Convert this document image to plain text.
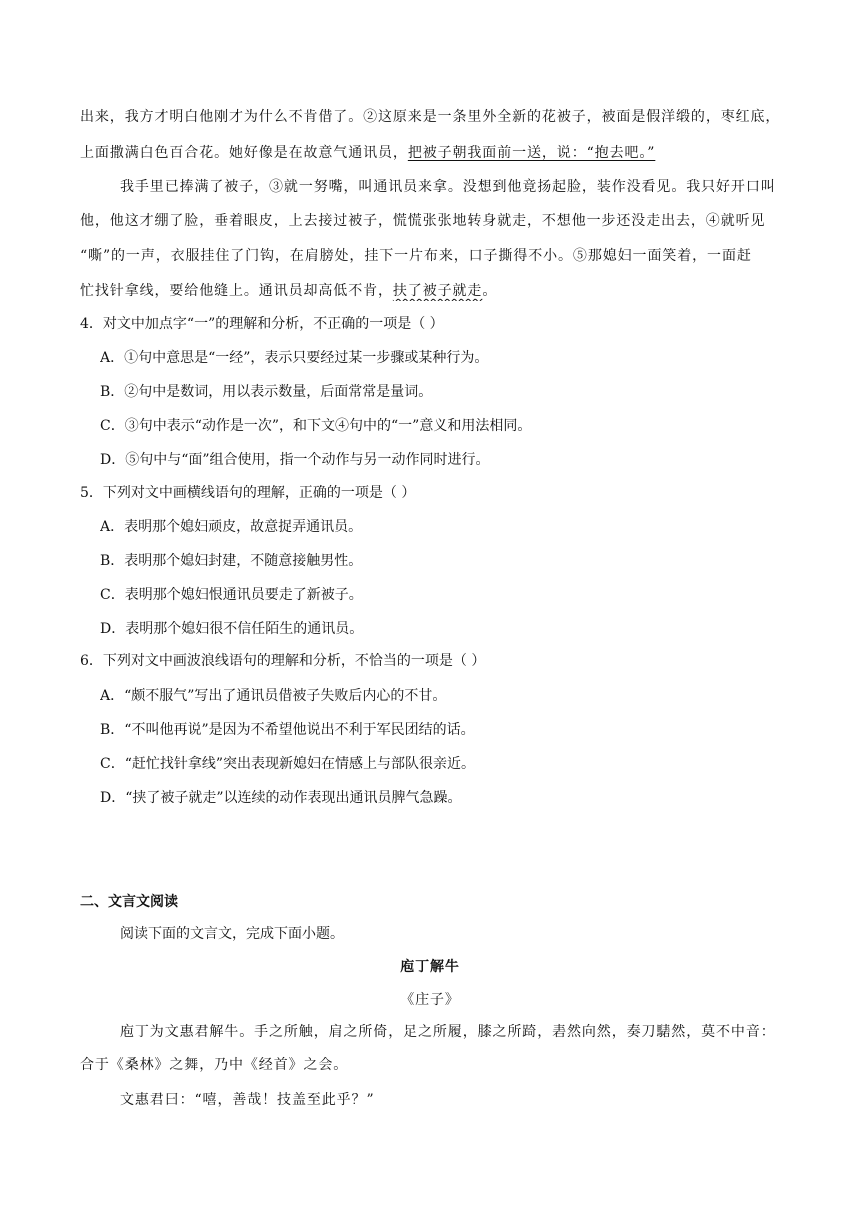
出来，我方才明白他刚才为什么不肯借了。②这原来是一条里外全新的花被子，被面是假洋缎的，枣红底，
上面撒满白色百合花。她好像是在故意气通讯员，把被子朝我面前一送，说：“抱去吧。”
我手里已捧满了被子，③就一努嘴，叫通讯员来拿。没想到他竟扬起脸，装作没看见。我只好开口叫
他，他这才绷了脸，垂着眼皮，上去接过被子，慌慌张张地转身就走，不想他一步还没走出去，④就听见
“嘶”的一声，衣服挂住了门钩，在肩膀处，挂下一片布来，口子撕得不小。⑤那媳妇一面笑着，一面赶
忙找针拿线，要给他缝上。通讯员却高低不肯，扶了被子就走。
4．对文中加点字“一”的理解和分析，不正确的一项是（ ）
A．①句中意思是“一经”，表示只要经过某一步骤或某种行为。
B．②句中是数词，用以表示数量，后面常常是量词。
C．③句中表示“动作是一次”，和下文④句中的“一”意义和用法相同。
D．⑤句中与“面”组合使用，指一个动作与另一动作同时进行。
5．下列对文中画横线语句的理解，正确的一项是（ ）
A．表明那个媳妇顽皮，故意捉弄通讯员。
B．表明那个媳妇封建，不随意接触男性。
C．表明那个媳妇恨通讯员要走了新被子。
D．表明那个媳妇很不信任陌生的通讯员。
6．下列对文中画波浪线语句的理解和分析，不恰当的一项是（ ）
A．“颇不服气”写出了通讯员借被子失败后内心的不甘。
B．“不叫他再说”是因为不希望他说出不利于军民团结的话。
C．“赶忙找针拿线”突出表现新媳妇在情感上与部队很亲近。
D．“挟了被子就走”以连续的动作表现出通讯员脾气急躁。
二、文言文阅读
阅读下面的文言文，完成下面小题。
庖丁解牛
《庄子》
庖丁为文惠君解牛。手之所触，肩之所倚，足之所履，膝之所踦，砉然向然，奏刀騞然，莫不中音：
合于《桑林》之舞，乃中《经首》之会。
文惠君曰：“嘻，善哉！技盖至此乎？”
